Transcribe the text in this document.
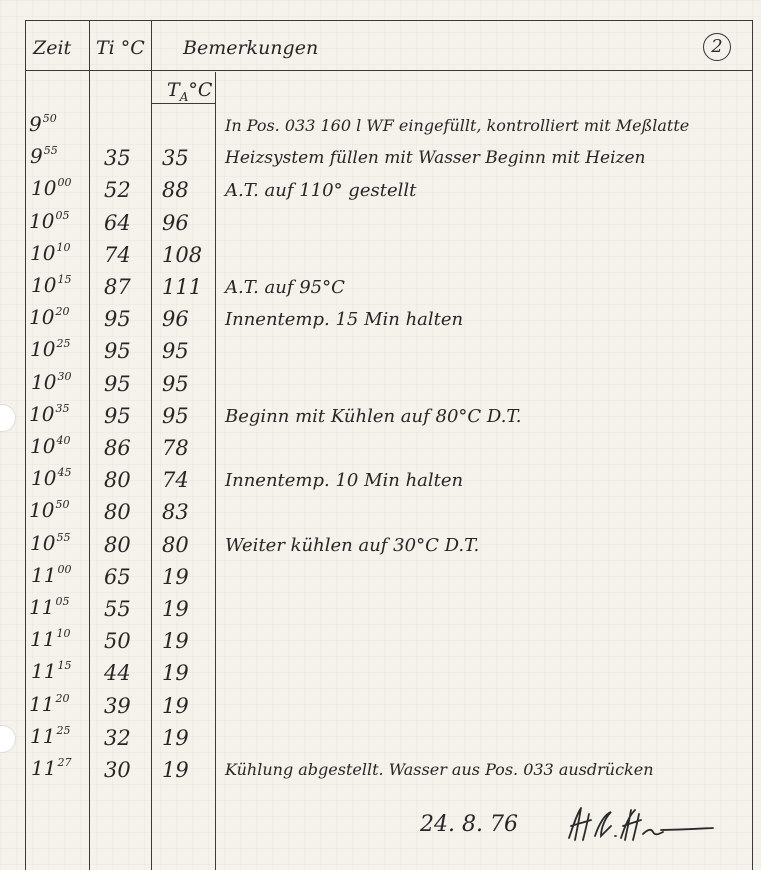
Zeit Ti °C Bemerkungen	2
$T_A^\circ C$
$9^{50}$	In Pos. 033 160 l WF eingefüllt, kontrolliert mit Meßlatte
$9^{55}$	35 35 Heizsystem füllen mit Wasser Beginn mit Heizen
$10^{00}$	52 88 A.T. auf 110° gestellt
$10^{05}$	64 96
$10^{10}$	74 108
$10^{15}$	87 111 A.T. auf 95°C
$10^{20}$	95 96 Innentemp. 15 Min halten
$10^{25}$	95 95
$10^{30}$	95 95
$10^{35}$	95 95 Beginn mit Kühlen auf 80°C D.T.
$10^{40}$	86 78
$10^{45}$	80 74 Innentemp. 10 Min halten
$10^{50}$	80 83
$10^{55}$	80 80 Weiter kühlen auf 30°C D.T.
$11^{00}$	65 19
$11^{05}$	55 19
$11^{10}$	50 19
$11^{15}$	44 19
$11^{20}$	39 19
$11^{25}$	32 19
$11^{27}$	30 19 Kühlung abgestellt. Wasser aus Pos. 033 ausdrücken
24. 8. 76
